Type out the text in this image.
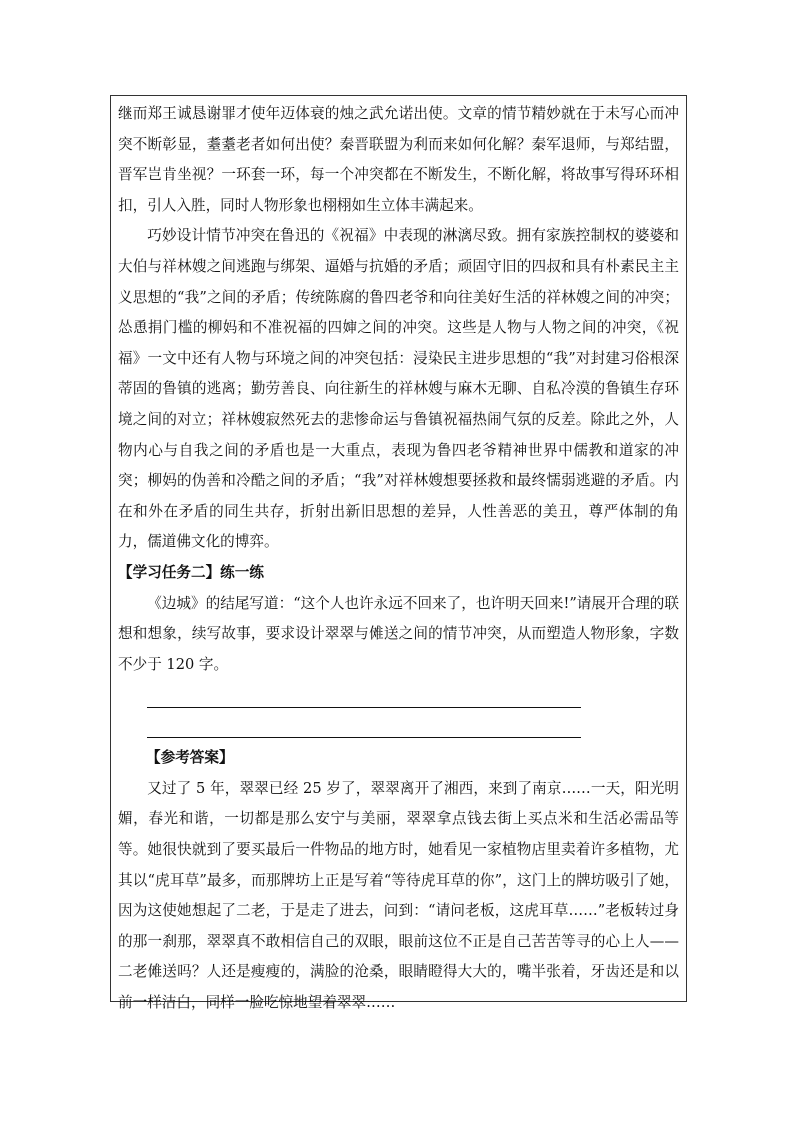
继而郑王诚恳谢罪才使年迈体衰的烛之武允诺出使。文章的情节精妙就在于未写心而冲突不断彰显，耋耋老者如何出使？秦晋联盟为利而来如何化解？秦军退师，与郑结盟，晋军岂肯坐视？一环套一环，每一个冲突都在不断发生，不断化解，将故事写得环环相扣，引人入胜，同时人物形象也栩栩如生立体丰满起来。

巧妙设计情节冲突在鲁迅的《祝福》中表现的淋漓尽致。拥有家族控制权的婆婆和大伯与祥林嫂之间逃跑与绑架、逼婚与抗婚的矛盾；顽固守旧的四叔和具有朴素民主主义思想的“我”之间的矛盾；传统陈腐的鲁四老爷和向往美好生活的祥林嫂之间的冲突；怂恿捐门槛的柳妈和不准祝福的四婶之间的冲突。这些是人物与人物之间的冲突，《祝福》一文中还有人物与环境之间的冲突包括：浸染民主进步思想的“我”对封建习俗根深蒂固的鲁镇的逃离；勤劳善良、向往新生的祥林嫂与麻木无聊、自私冷漠的鲁镇生存环境之间的对立；祥林嫂寂然死去的悲惨命运与鲁镇祝福热闹气氛的反差。除此之外，人物内心与自我之间的矛盾也是一大重点，表现为鲁四老爷精神世界中儒教和道家的冲突；柳妈的伪善和冷酷之间的矛盾；“我”对祥林嫂想要拯救和最终懦弱逃避的矛盾。内在和外在矛盾的同生共存，折射出新旧思想的差异，人性善恶的美丑，尊严体制的角力，儒道佛文化的博弈。

【学习任务二】练一练

《边城》的结尾写道：“这个人也许永远不回来了，也许明天回来!”请展开合理的联想和想象，续写故事，要求设计翠翠与傩送之间的情节冲突，从而塑造人物形象，字数不少于 120 字。

【参考答案】

又过了 5 年，翠翠已经 25 岁了，翠翠离开了湘西，来到了南京……一天，阳光明媚，春光和谐，一切都是那么安宁与美丽，翠翠拿点钱去街上买点米和生活必需品等等。她很快就到了要买最后一件物品的地方时，她看见一家植物店里卖着许多植物，尤其以“虎耳草”最多，而那牌坊上正是写着“等待虎耳草的你”，这门上的牌坊吸引了她，因为这使她想起了二老，于是走了进去，问到：“请问老板，这虎耳草……”老板转过身的那一刹那，翠翠真不敢相信自己的双眼，眼前这位不正是自己苦苦等寻的心上人——二老傩送吗？人还是瘦瘦的，满脸的沧桑，眼睛瞪得大大的，嘴半张着，牙齿还是和以前一样洁白，同样一脸吃惊地望着翠翠……
